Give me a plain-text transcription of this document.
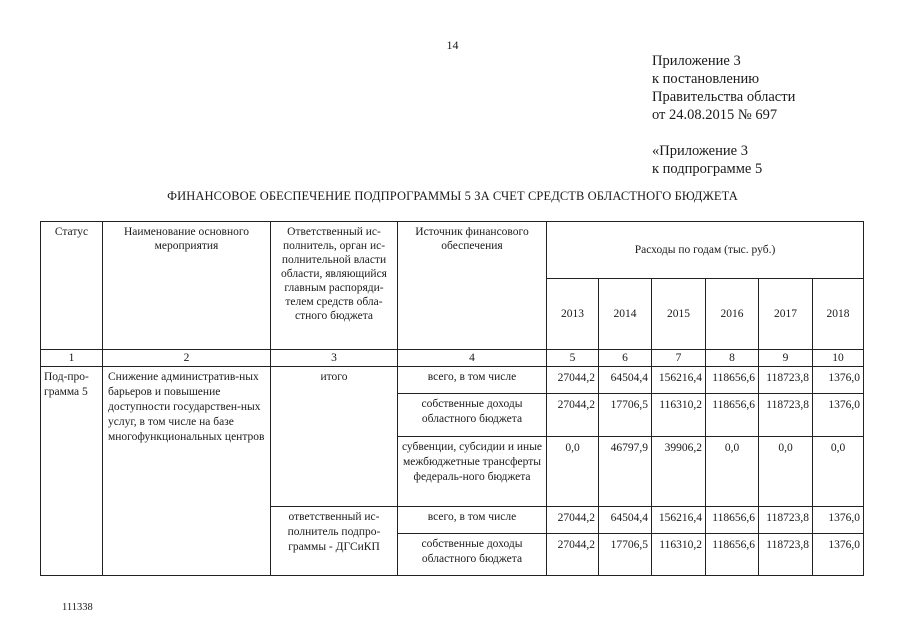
14
Приложение 3
к постановлению
Правительства области
от 24.08.2015 № 697
«Приложение 3
к подпрограмме 5
ФИНАНСОВОЕ ОБЕСПЕЧЕНИЕ ПОДПРОГРАММЫ 5 ЗА СЧЕТ СРЕДСТВ ОБЛАСТНОГО БЮДЖЕТА
Статус	Наименование основного мероприятия	Ответственный ис-полнитель, орган ис-полнительной власти области, являющийся главным распоряди-телем средств обла-стного бюджета	Источник финансового обеспечения	Расходы по годам (тыс. руб.)					
				2013	2014	2015	2016	2017	2018
1	2	3	4	5	6	7	8	9	10
Под-про-грамма 5	Снижение административ-ных барьеров и повышение доступности государствен-ных услуг, в том числе на базе многофункциональных центров	итого	всего, в том числе	27044,2	64504,4	156216,4	118656,6	118723,8	1376,0
			собственные доходы областного бюджета	27044,2	17706,5	116310,2	118656,6	118723,8	1376,0
			субвенции, субсидии и иные межбюджетные трансферты федераль-ного бюджета	0,0	46797,9	39906,2	0,0	0,0	0,0
		ответственный ис-полнитель подпро-граммы - ДГСиКП	всего, в том числе	27044,2	64504,4	156216,4	118656,6	118723,8	1376,0
			собственные доходы областного бюджета	27044,2	17706,5	116310,2	118656,6	118723,8	1376,0
111338
